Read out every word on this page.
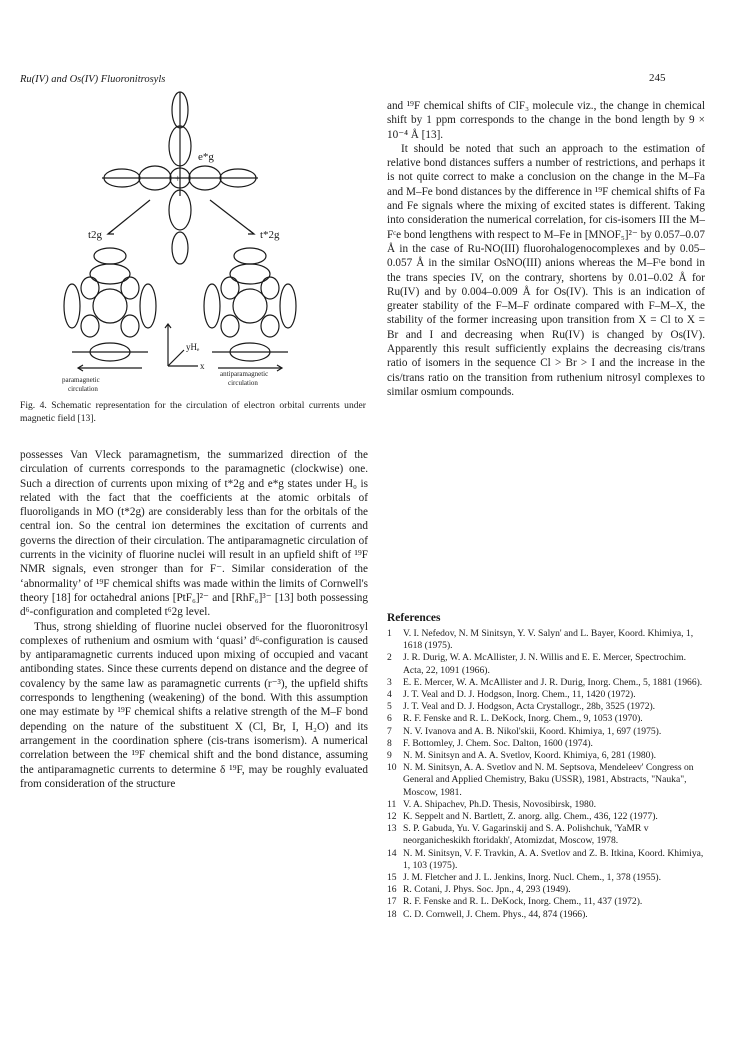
Ru(IV) and Os(IV) Fluoronitrosyls	245
e*g
t2g	t*2g
+
yHₑ
x
paramagnetic
circulation
antiparamagnetic
circulation
Fig. 4. Schematic representation for the circulation of electron orbital currents under magnetic field [13].

possesses Van Vleck paramagnetism, the summarized direction of the circulation of currents corresponds to the paramagnetic (clockwise) one. Such a direction of currents upon mixing of t*2g and e*g states under H₀ is related with the fact that the coefficients at the atomic orbitals of fluoroligands in MO (t*2g) are considerably less than for the orbitals of the central ion. So the central ion determines the excitation of currents and governs the direction of their circulation. The antiparamagnetic circulation of currents in the vicinity of fluorine nuclei will result in an upfield shift of ¹⁹F NMR signals, even stronger than for F⁻. Similar consideration of the ‘abnormality’ of ¹⁹F chemical shifts was made within the limits of Cornwell's theory [18] for octahedral anions [PtF₆]²⁻ and [RhF₆]³⁻ [13] both possessing d⁶-configuration and completed t⁶2g level.

Thus, strong shielding of fluorine nuclei observed for the fluoronitrosyl complexes of ruthenium and osmium with ‘quasi’ d⁶-configuration is caused by antiparamagnetic currents induced upon mixing of occupied and vacant antibonding states. Since these currents depend on distance and the degree of covalency by the same law as paramagnetic currents (r⁻³), the upfield shifts corresponds to lengthening (weakening) of the bond. With this assumption one may estimate by ¹⁹F chemical shifts a relative strength of the M–F bond depending on the nature of the substituent X (Cl, Br, I, H₂O) and its arrangement in the coordination sphere (cis-trans isomerism). A numerical correlation between the ¹⁹F chemical shift and the bond distance, assuming the antiparamagnetic currents to determine δ ¹⁹F, may be roughly evaluated from consideration of the structure

and ¹⁹F chemical shifts of ClF₃ molecule viz., the change in chemical shift by 1 ppm corresponds to the change in the bond length by 9 × 10⁻⁴ Å [13].

It should be noted that such an approach to the estimation of relative bond distances suffers a number of restrictions, and perhaps it is not quite correct to make a conclusion on the change in the M–Fa and M–Fe bond distances by the difference in ¹⁹F chemical shifts of Fa and Fe signals where the mixing of excited states is different. Taking into consideration the numerical correlation, for cis-isomers III the M–Fᶜe bond lengthens with respect to M–Fe in [MNOF₅]²⁻ by 0.057–0.07 Å in the case of Ru-NO(III) fluorohalogenocomplexes and by 0.05–0.057 Å in the similar OsNO(III) anions whereas the M–Fᵗe bond in the trans species IV, on the contrary, shortens by 0.01–0.02 Å for Ru(IV) and by 0.004–0.009 Å for Os(IV). This is an indication of greater stability of the F–M–F ordinate compared with F–M–X, the stability of the former increasing upon transition from X = Cl to X = Br and I and decreasing when Ru(IV) is changed by Os(IV). Apparently this result sufficiently explains the decreasing cis/trans ratio of isomers in the sequence Cl > Br > I and the increase in the cis/trans ratio on the transition from ruthenium nitrosyl complexes to similar osmium compounds.

References
1 V. I. Nefedov, N. M Sinitsyn, Y. V. Salyn' and L. Bayer, Koord. Khimiya, 1, 1618 (1975).
2 J. R. Durig, W. A. McAllister, J. N. Willis and E. E. Mercer, Spectrochim. Acta, 22, 1091 (1966).
3 E. E. Mercer, W. A. McAllister and J. R. Durig, Inorg. Chem., 5, 1881 (1966).
4 J. T. Veal and D. J. Hodgson, Inorg. Chem., 11, 1420 (1972).
5 J. T. Veal and D. J. Hodgson, Acta Crystallogr., 28b, 3525 (1972).
6 R. F. Fenske and R. L. DeKock, Inorg. Chem., 9, 1053 (1970).
7 N. V. Ivanova and A. B. Nikol'skii, Koord. Khimiya, 1, 697 (1975).
8 F. Bottomley, J. Chem. Soc. Dalton, 1600 (1974).
9 N. M. Sinitsyn and A. A. Svetlov, Koord. Khimiya, 6, 281 (1980).
10 N. M. Sinitsyn, A. A. Svetlov and N. M. Septsova, Mendeleev' Congress on General and Applied Chemistry, Baku (USSR), 1981, Abstracts, "Nauka", Moscow, 1981.
11 V. A. Shipachev, Ph.D. Thesis, Novosibirsk, 1980.
12 K. Seppelt and N. Bartlett, Z. anorg. allg. Chem., 436, 122 (1977).
13 S. P. Gabuda, Yu. V. Gagarinskij and S. A. Polishchuk, 'YaMR v neorganicheskikh ftoridakh', Atomizdat, Moscow, 1978.
14 N. M. Sinitsyn, V. F. Travkin, A. A. Svetlov and Z. B. Itkina, Koord. Khimiya, 1, 103 (1975).
15 J. M. Fletcher and J. L. Jenkins, Inorg. Nucl. Chem., 1, 378 (1955).
16 R. Cotani, J. Phys. Soc. Jpn., 4, 293 (1949).
17 R. F. Fenske and R. L. DeKock, Inorg. Chem., 11, 437 (1972).
18 C. D. Cornwell, J. Chem. Phys., 44, 874 (1966).
